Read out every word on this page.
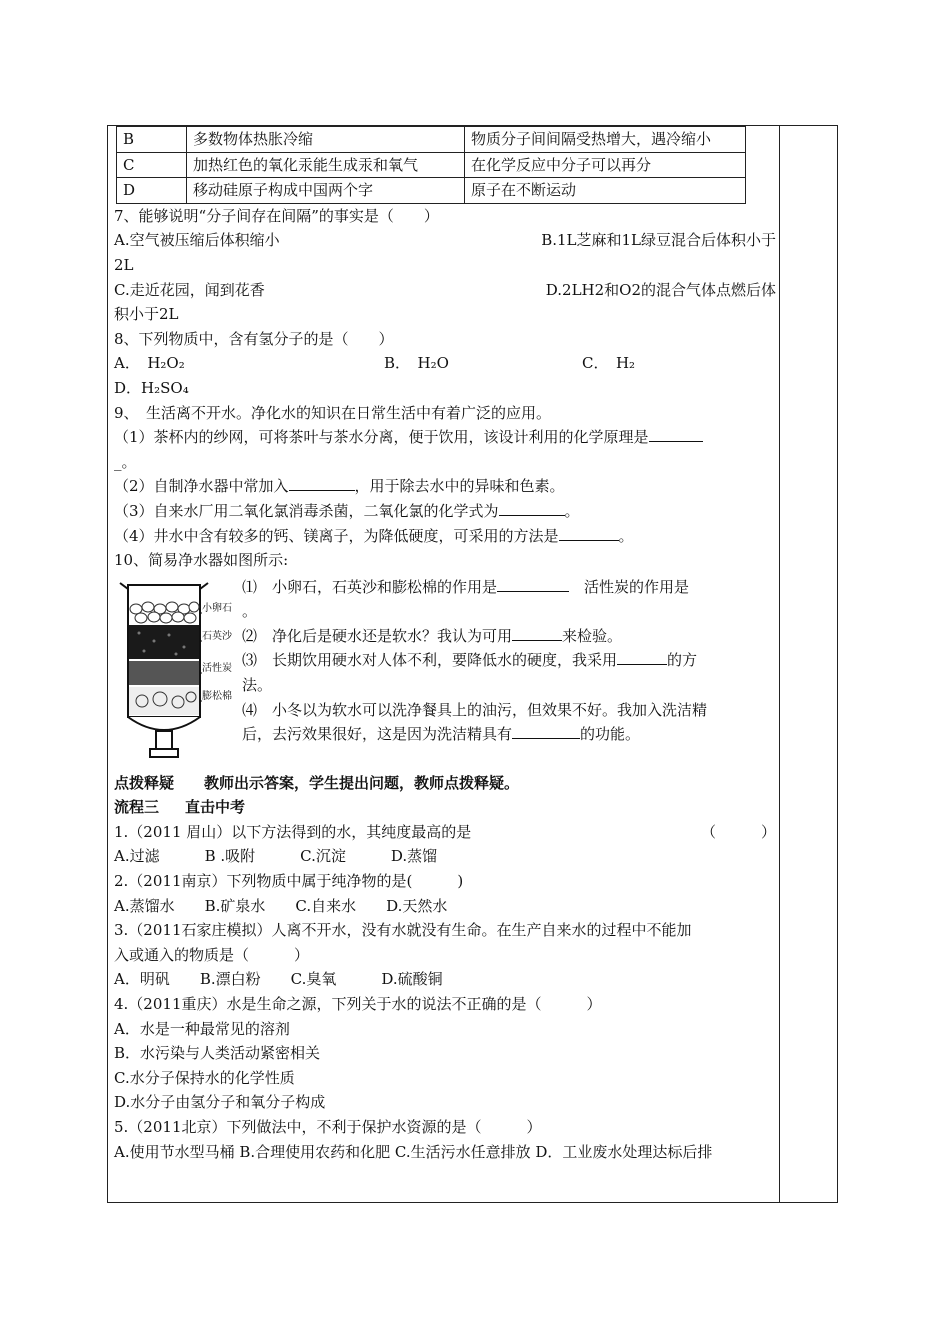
B	多数物体热胀冷缩	物质分子间间隔受热增大，遇冷缩小
C	加热红色的氧化汞能生成汞和氧气	在化学反应中分子可以再分
D	移动硅原子构成中国两个字	原子在不断运动
7、能够说明“分子间存在间隔”的事实是（　　）
A.空气被压缩后体积缩小	B.1L芝麻和1L绿豆混合后体积小于
2L
C.走近花园，闻到花香	D.2LH2和O2的混合气体点燃后体
积小于2L
8、下列物质中，含有氢分子的是（　　）
A．　H₂O₂	B．　H₂O	C．　H₂
D．H₂SO₄
9、　生活离不开水。净化水的知识在日常生活中有着广泛的应用。
（1）茶杯内的纱网，可将茶叶与茶水分离，便于饮用，该设计利用的化学原理是
_。
（2）自制净水器中常加入	，用于除去水中的异味和色素。
（3）自来水厂用二氧化氯消毒杀菌，二氧化氯的化学式为	。
（4）井水中含有较多的钙、镁离子，为降低硬度，可采用的方法是	。
10、简易净水器如图所示:
小卵石
石英沙
活性炭
膨松棉
⑴　小卵石，石英沙和膨松棉的作用是	　活性炭的作用是
。
⑵　净化后是硬水还是软水？我认为可用	来检验。
⑶　长期饮用硬水对人体不利，要降低水的硬度，我采用	的方
法。
⑷　小冬以为软水可以洗净餐具上的油污，但效果不好。我加入洗洁精
后，去污效果很好，这是因为洗洁精具有	的功能。
点拨释疑 教师出示答案，学生提出问题，教师点拨释疑。
流程三 直击中考
1.（2011 眉山）以下方法得到的水，其纯度最高的是	（　　　）
A.过滤　　　B .吸附　　　C.沉淀　　　D.蒸馏
2.（2011南京）下列物质中属于纯净物的是(　　　)
A.蒸馏水　　B.矿泉水　　C.自来水　　D.天然水
3.（2011石家庄模拟）人离不开水，没有水就没有生命。在生产自来水的过程中不能加
入或通入的物质是（　　　）
A．明矾　　B.漂白粉　　C.臭氧　　　D.硫酸铜
4.（2011重庆）水是生命之源，下列关于水的说法不正确的是（　　　）
A．水是一种最常见的溶剂
B．水污染与人类活动紧密相关
C.水分子保持水的化学性质
D.水分子由氢分子和氧分子构成
5.（2011北京）下列做法中，不利于保护水资源的是（　　　）
A.使用节水型马桶 B.合理使用农药和化肥 C.生活污水任意排放 D．工业废水处理达标后排
